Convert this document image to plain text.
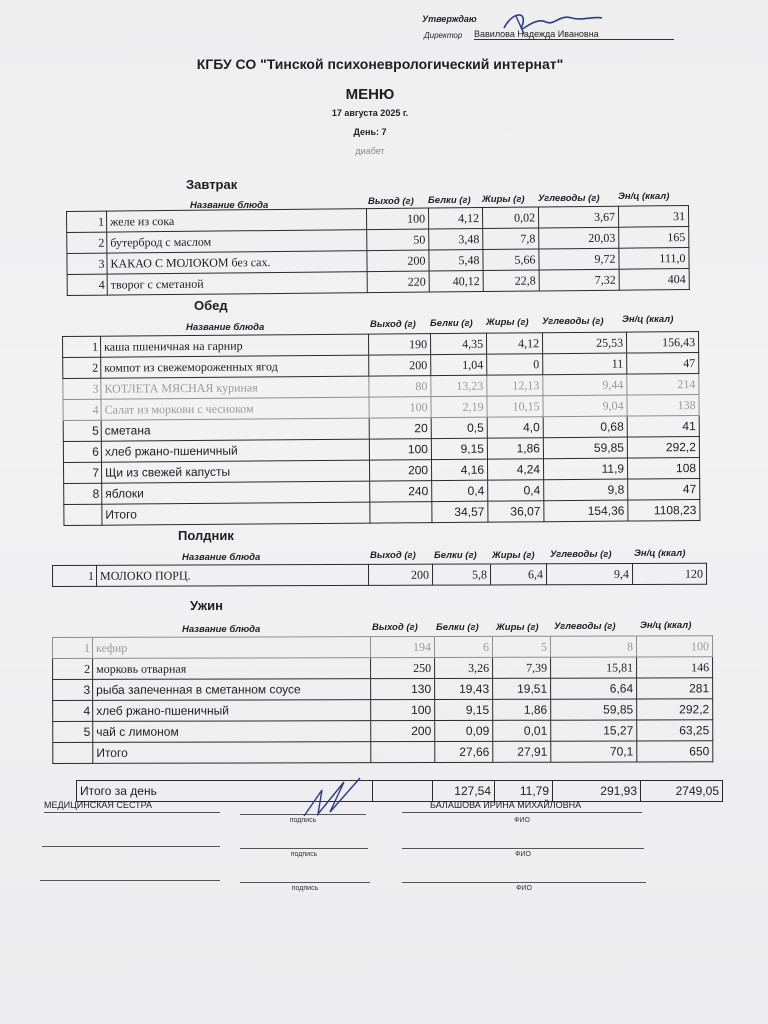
Утверждаю
Директор Вавилова Надежда Ивановна
КГБУ СО "Тинской психоневрологический интернат"
МЕНЮ
17 августа 2025 г.
День: 7
диабет
Завтрак
Название блюда	Выход (г) Белки (г) Жиры (г) Углеводы (г) Эн/ц (ккал)
1	желе из сока	100	4,12	0,02	3,67	31
2	бутерброд с маслом	50	3,48	7,8	20,03	165
3	КАКАО С МОЛОКОМ без сах.	200	5,48	5,66	9,72	111,0
4	творог с сметаной	220	40,12	22,8	7,32	404
Обед
Название блюда	Выход (г) Белки (г) Жиры (г) Углеводы (г) Эн/ц (ккал)
1	каша пшеничная на гарнир	190	4,35	4,12	25,53	156,43
2	компот из свежемороженных ягод	200	1,04	0	11	47
3	КОТЛЕТА МЯСНАЯ куриная	80	13,23	12,13	9,44	214
4	Салат из моркови с чесноком	100	2,19	10,15	9,04	138
5	сметана	20	0,5	4,0	0,68	41
6	хлеб ржано-пшеничный	100	9,15	1,86	59,85	292,2
7	Щи из свежей капусты	200	4,16	4,24	11,9	108
8	яблоки	240	0,4	0,4	9,8	47
	Итого		34,57	36,07	154,36	1108,23
Полдник
Название блюда	Выход (г) Белки (г) Жиры (г) Углеводы (г) Эн/ц (ккал)
1	МОЛОКО ПОРЦ.	200	5,8	6,4	9,4	120
Ужин
Название блюда	Выход (г) Белки (г) Жиры (г) Углеводы (г)	Эн/ц (ккал)
1	кефир	194	6	5	8	100
2	морковь отварная	250	3,26	7,39	15,81	146
3	рыба запеченная в сметанном соусе	130	19,43	19,51	6,64	281
4	хлеб ржано-пшеничный	100	9,15	1,86	59,85	292,2
5	чай с лимоном	200	0,09	0,01	15,27	63,25
	Итого		27,66	27,91	70,1	650
Итого за день		127,54	11,79	291,93	2749,05
МЕДИЦИНСКАЯ СЕСТРА
подпись
БАЛАШОВА ИРИНА МИХАЙЛОВНА
ФИО
подпись	ФИО
подпись	ФИО
